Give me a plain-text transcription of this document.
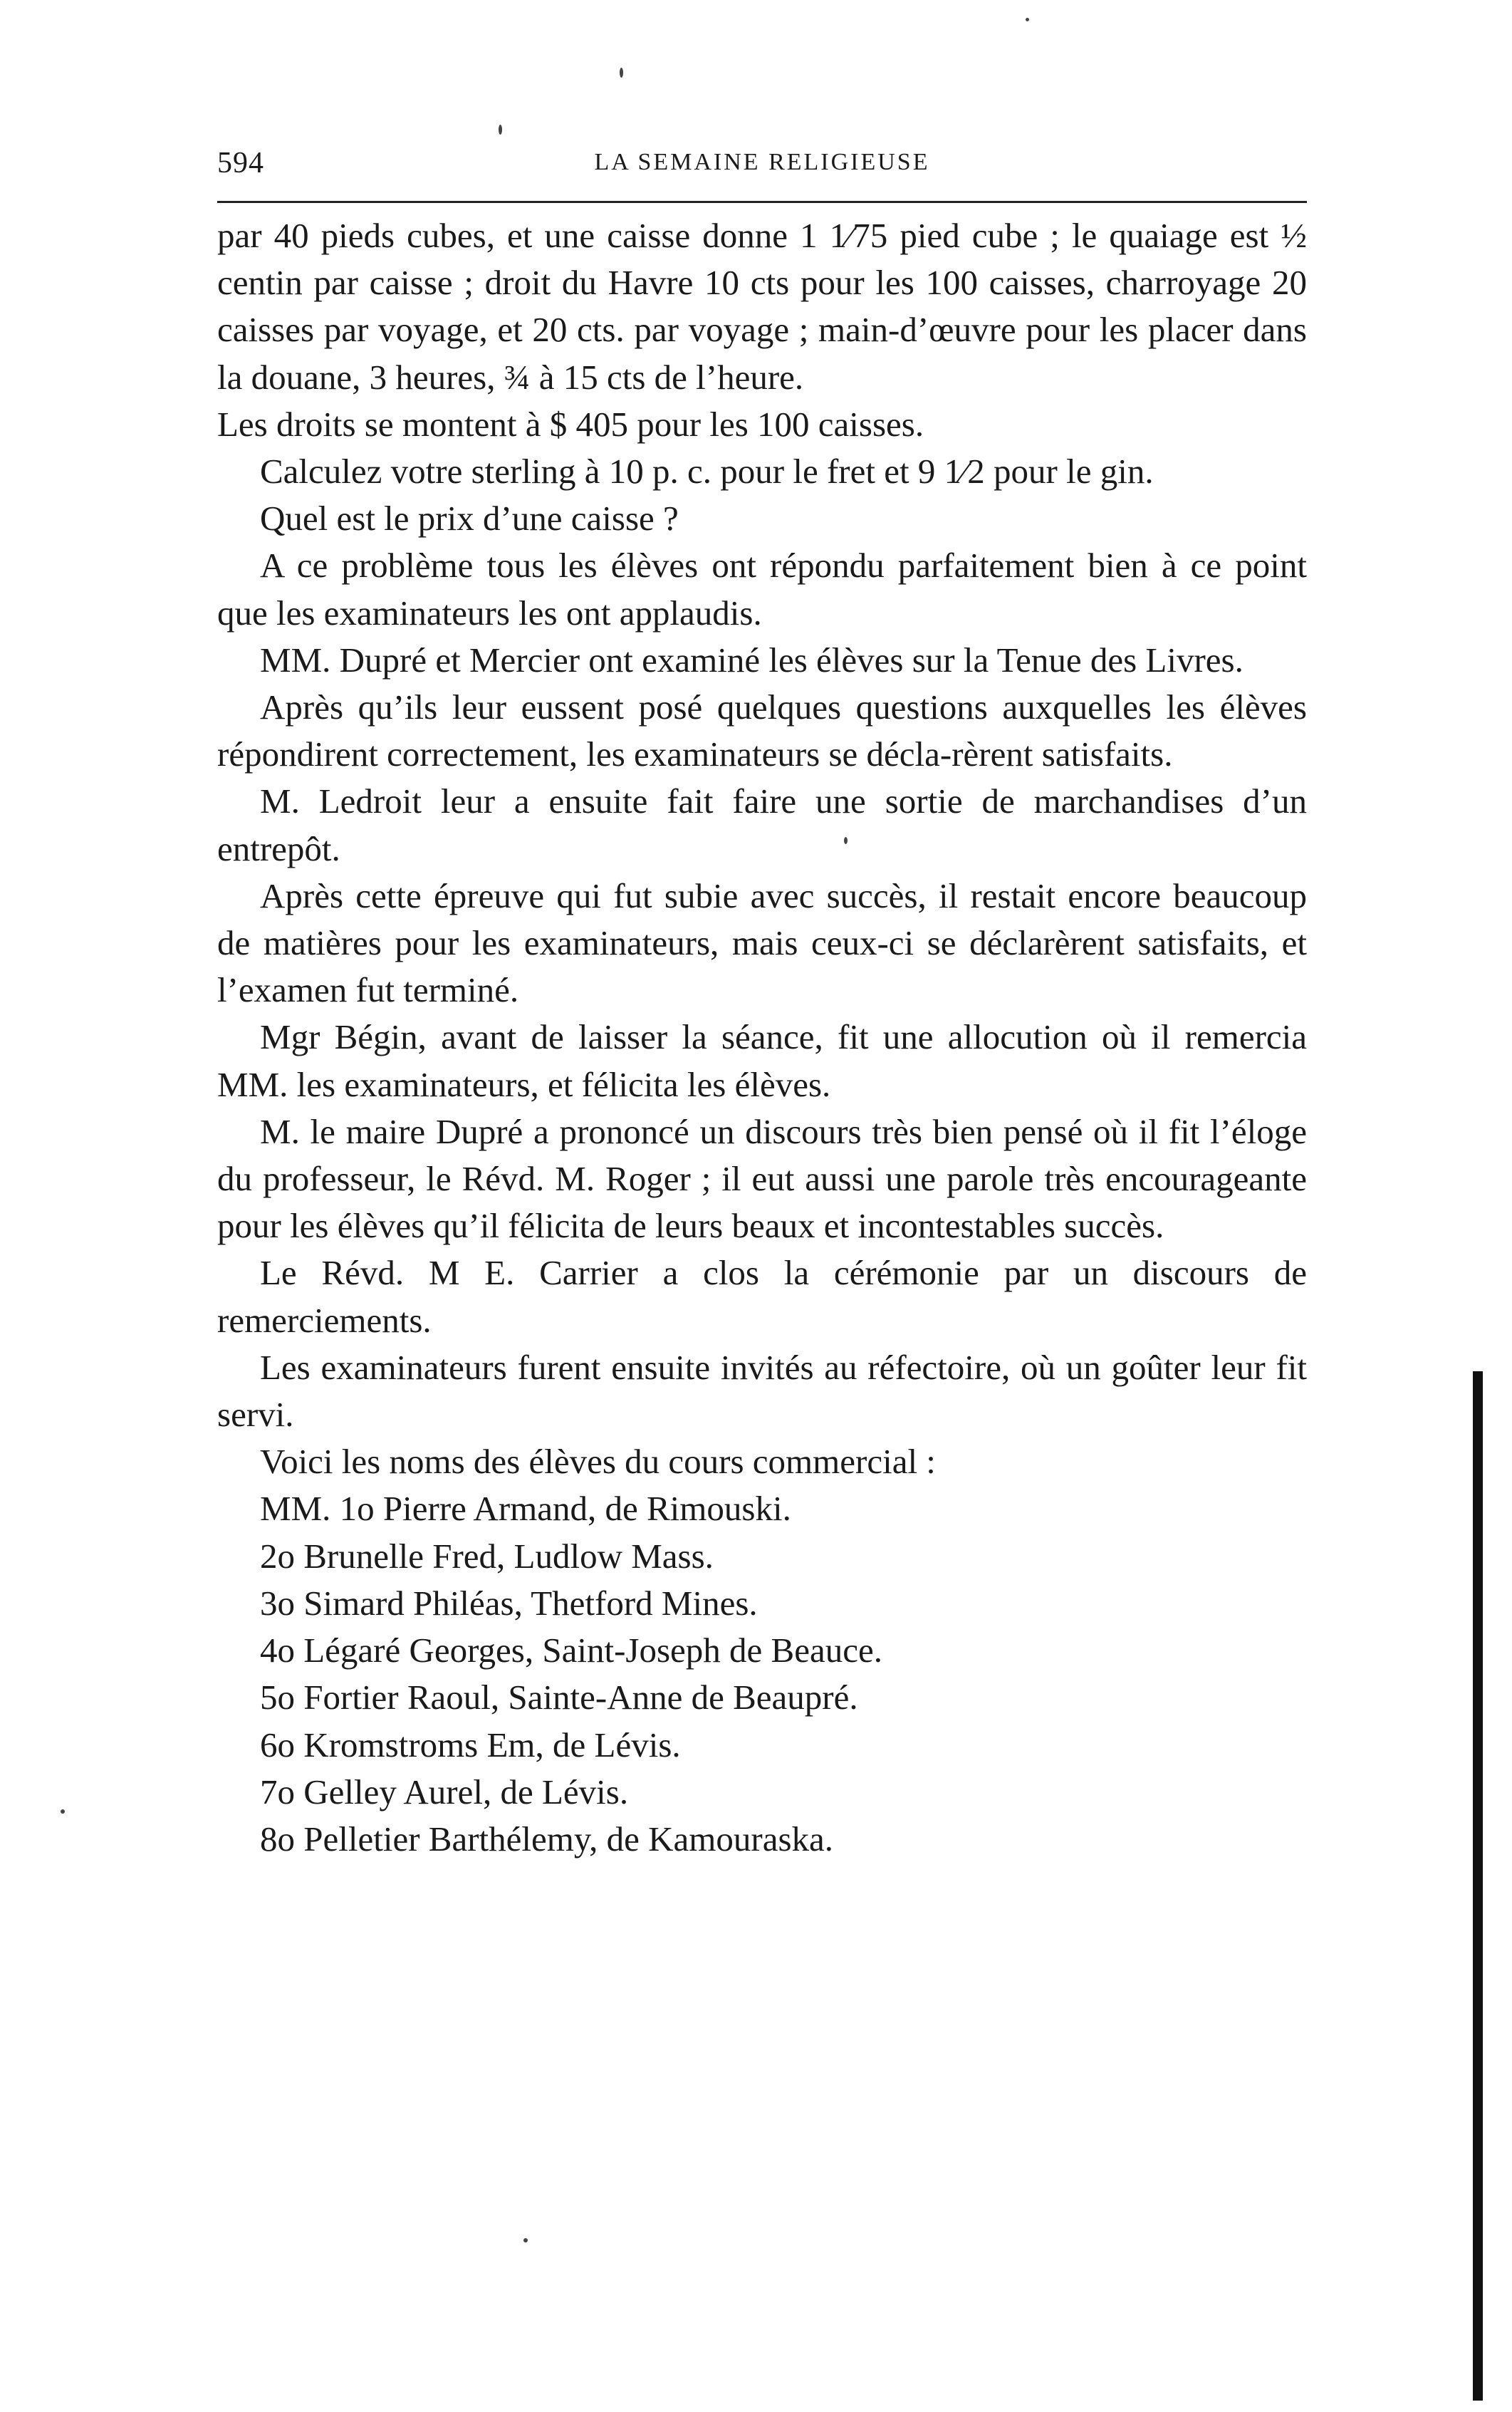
594	LA SEMAINE RELIGIEUSE

par 40 pieds cubes, et une caisse donne 1 1⁄75 pied cube ; le quaiage est ½ centin par caisse ; droit du Havre 10 cts pour les 100 caisses, charroyage 20 caisses par voyage, et 20 cts. par voyage ; main-d’œuvre pour les placer dans la douane, 3 heures, ¾ à 15 cts de l’heure.

Les droits se montent à $ 405 pour les 100 caisses.

Calculez votre sterling à 10 p. c. pour le fret et 9 1⁄2 pour le gin.

Quel est le prix d’une caisse ?

A ce problème tous les élèves ont répondu parfaitement bien à ce point que les examinateurs les ont applaudis.

MM. Dupré et Mercier ont examiné les élèves sur la Tenue des Livres.

Après qu’ils leur eussent posé quelques questions auxquelles les élèves répondirent correctement, les examinateurs se décla-rèrent satisfaits.

M. Ledroit leur a ensuite fait faire une sortie de marchandises d’un entrepôt.

Après cette épreuve qui fut subie avec succès, il restait encore beaucoup de matières pour les examinateurs, mais ceux-ci se déclarèrent satisfaits, et l’examen fut terminé.

Mgr Bégin, avant de laisser la séance, fit une allocution où il remercia MM. les examinateurs, et félicita les élèves.

M. le maire Dupré a prononcé un discours très bien pensé où il fit l’éloge du professeur, le Révd. M. Roger ; il eut aussi une parole très encourageante pour les élèves qu’il félicita de leurs beaux et incontestables succès.

Le Révd. M E. Carrier a clos la cérémonie par un discours de remerciements.

Les examinateurs furent ensuite invités au réfectoire, où un goûter leur fit servi.

Voici les noms des élèves du cours commercial :

MM. 1o Pierre Armand, de Rimouski.

2o Brunelle Fred, Ludlow Mass.

3o Simard Philéas, Thetford Mines.

4o Légaré Georges, Saint-Joseph de Beauce.

5o Fortier Raoul, Sainte-Anne de Beaupré.

6o Kromstroms Em, de Lévis.

7o Gelley Aurel, de Lévis.

8o Pelletier Barthélemy, de Kamouraska.
